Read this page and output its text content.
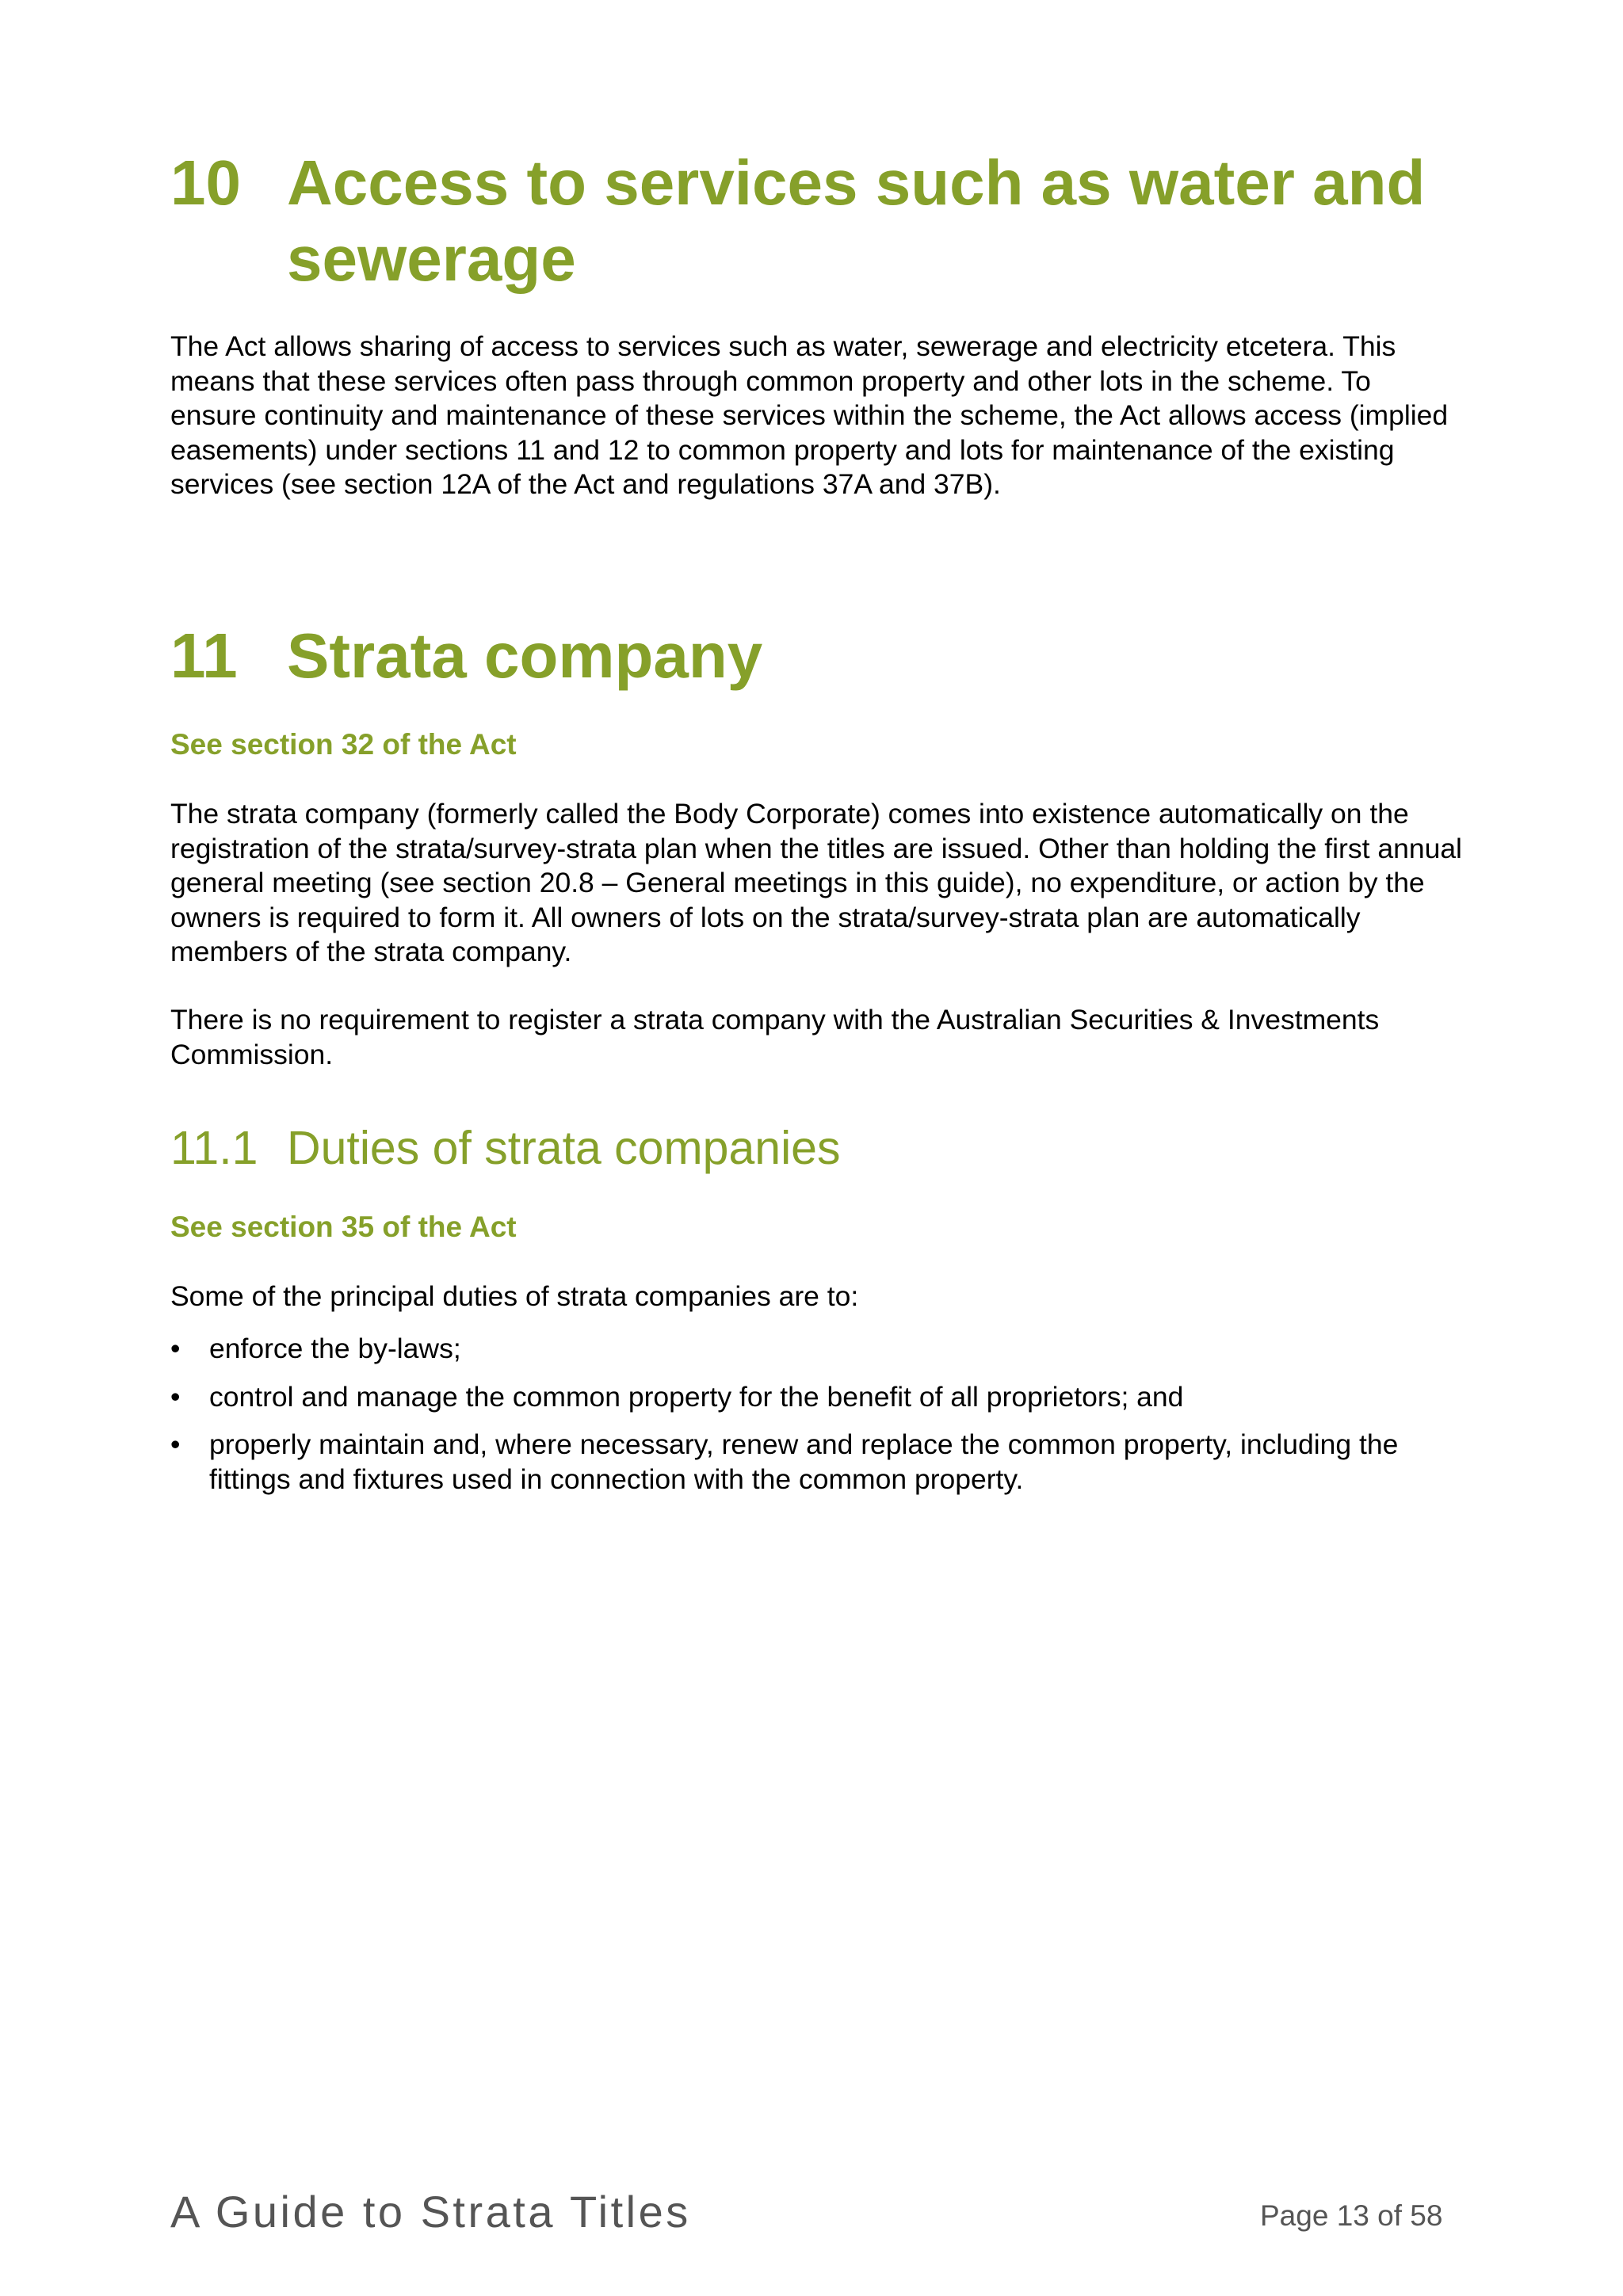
10 Access to services such as water and sewerage

The Act allows sharing of access to services such as water, sewerage and electricity etcetera. This means that these services often pass through common property and other lots in the scheme. To ensure continuity and maintenance of these services within the scheme, the Act allows access (implied easements) under sections 11 and 12 to common property and lots for maintenance of the existing services (see section 12A of the Act and regulations 37A and 37B).

11 Strata company
See section 32 of the Act

The strata company (formerly called the Body Corporate) comes into existence automatically on the registration of the strata/survey-strata plan when the titles are issued. Other than holding the first annual general meeting (see section 20.8 – General meetings in this guide), no expenditure, or action by the owners is required to form it. All owners of lots on the strata/survey-strata plan are automatically members of the strata company.

There is no requirement to register a strata company with the Australian Securities & Investments Commission.

11.1 Duties of strata companies
See section 35 of the Act

Some of the principal duties of strata companies are to:

•	enforce the by-laws;
•	control and manage the common property for the benefit of all proprietors; and
•	properly maintain and, where necessary, renew and replace the common property, including the fittings and fixtures used in connection with the common property.
A Guide to Strata Titles	Page 13 of 58
